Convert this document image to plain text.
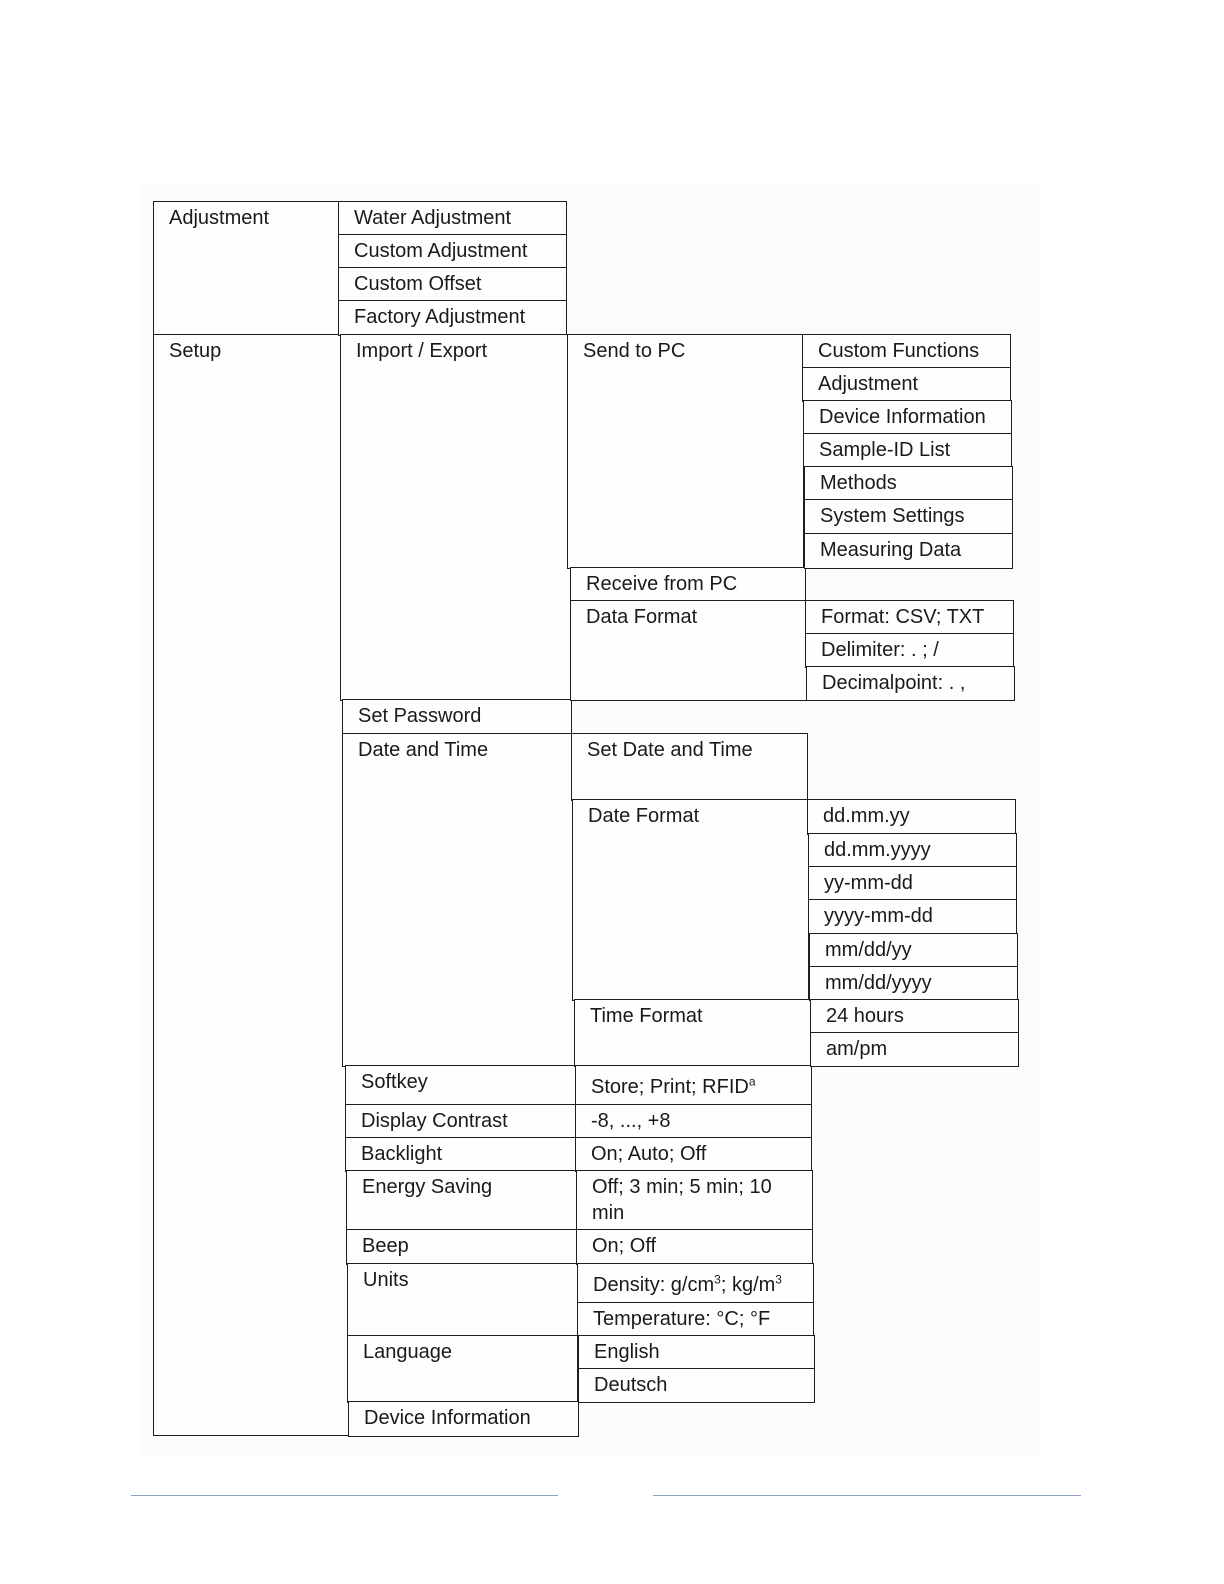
Adjustment
Setup
Water Adjustment
Custom Adjustment
Custom Offset
Factory Adjustment
Import / Export
Set Password
Date and Time
Softkey
Display Contrast
Backlight
Energy Saving
Beep
Units
Language
Device Information
Send to PC
Receive from PC
Data Format
Set Date and Time
Date Format
Time Format
Store; Print; RFID$^a$
-8, ..., +8
On; Auto; Off
Off; 3 min; 5 min; 10 min
On; Off
Density: $g/cm^3$; $kg/m^3$
Temperature: °C; °F
English
Deutsch
Custom Functions
Adjustment
Device Information
Sample-ID List
Methods
System Settings
Measuring Data
Format: CSV; TXT
Delimiter: . ; /
Decimalpoint: . ,
dd.mm.yy
dd.mm.yyyy
yy-mm-dd
yyyy-mm-dd
mm/dd/yy
mm/dd/yyyy
24 hours
am/pm
